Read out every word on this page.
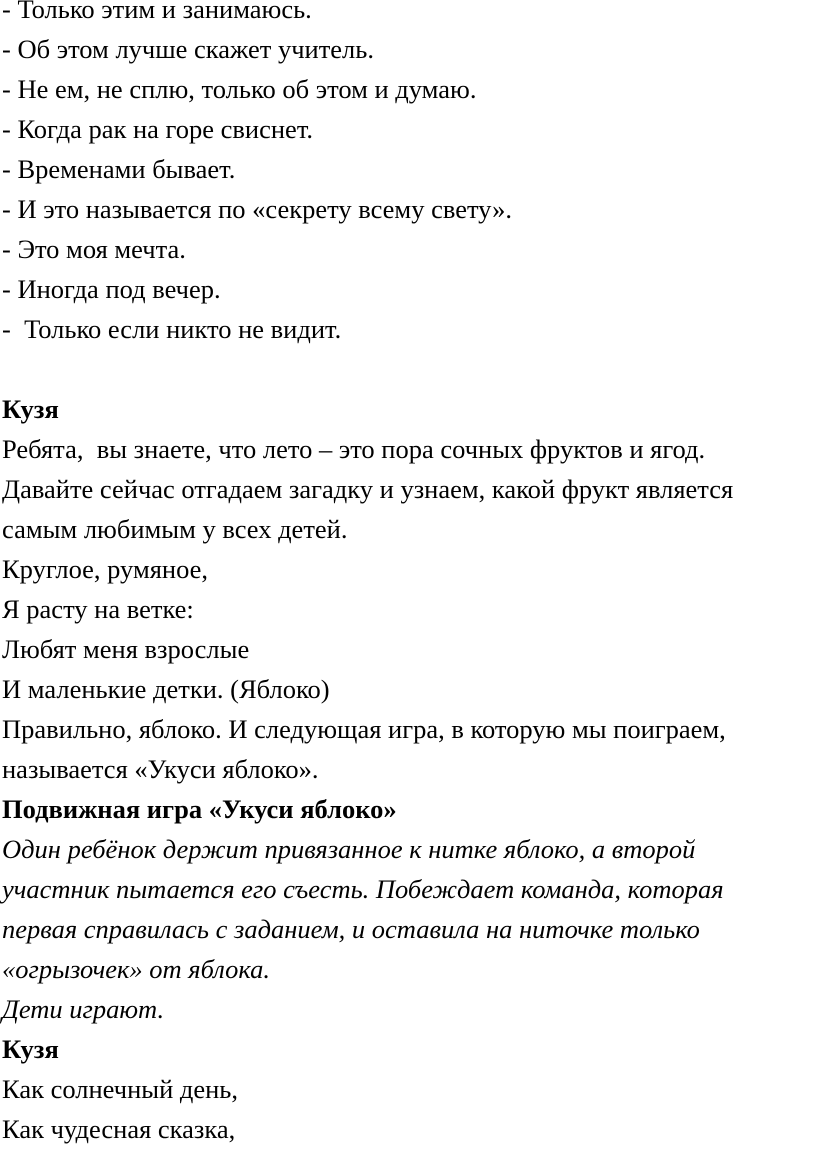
- Только этим и занимаюсь.
- Об этом лучше скажет учитель.
- Не ем, не сплю, только об этом и думаю.
- Когда рак на горе свиснет.
- Временами бывает.
- И это называется по «секрету всему свету».
- Это моя мечта.
- Иногда под вечер.
-  Только если никто не видит.
Кузя
Ребята,  вы знаете, что лето – это пора сочных фруктов и ягод.
Давайте сейчас отгадаем загадку и узнаем, какой фрукт является
самым любимым у всех детей.
Круглое, румяное,
Я расту на ветке:
Любят меня взрослые
И маленькие детки. (Яблоко)
Правильно, яблоко. И следующая игра, в которую мы поиграем,
называется «Укуси яблоко».
Подвижная игра «Укуси яблоко»
Один ребёнок держит привязанное к нитке яблоко, а второй
участник пытается его съесть. Побеждает команда, которая
первая справилась с заданием, и оставила на ниточке только
«огрызочек» от яблока.
Дети играют.
Кузя
Как солнечный день,
Как чудесная сказка,
